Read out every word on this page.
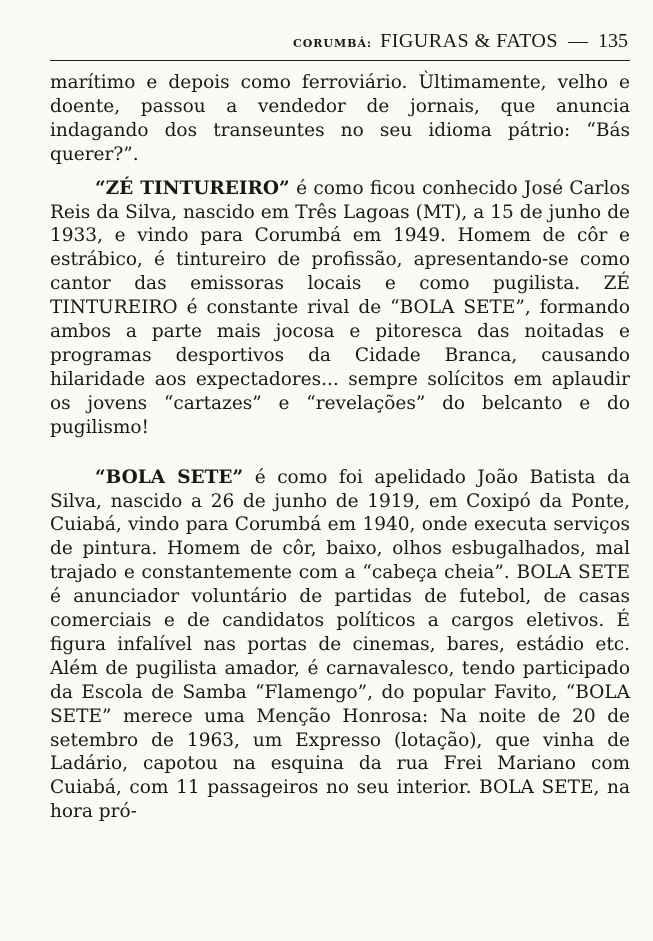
CORUMBÁ: FIGURAS & FATOS — 135

marítimo e depois como ferroviário. Ùltimamente, velho e doente, passou a vendedor de jornais, que anuncia indagando dos transeuntes no seu idioma pátrio: “Bás querer?”.

“ZÉ TINTUREIRO” é como ficou conhecido José Carlos Reis da Silva, nascido em Três Lagoas (MT), a 15 de junho de 1933, e vindo para Corumbá em 1949. Homem de côr e estrábico, é tintureiro de profissão, apresentando-se como cantor das emissoras locais e como pugilista. ZÉ TINTUREIRO é constante rival de “BOLA SETE”, formando ambos a parte mais jocosa e pitoresca das noitadas e programas desportivos da Cidade Branca, causando hilaridade aos expectadores... sempre solícitos em aplaudir os jovens “cartazes” e “revelações” do belcanto e do pugilismo!

“BOLA SETE” é como foi apelidado João Batista da Silva, nascido a 26 de junho de 1919, em Coxipó da Ponte, Cuiabá, vindo para Corumbá em 1940, onde executa serviços de pintura. Homem de côr, baixo, olhos esbugalhados, mal trajado e constantemente com a “cabeça cheia”. BOLA SETE é anunciador voluntário de partidas de futebol, de casas comerciais e de candidatos políticos a cargos eletivos. É figura infalível nas portas de cinemas, bares, estádio etc. Além de pugilista amador, é carnavalesco, tendo participado da Escola de Samba “Flamengo”, do popular Favito, “BOLA SETE” merece uma Menção Honrosa: Na noite de 20 de setembro de 1963, um Expresso (lotação), que vinha de Ladário, capotou na esquina da rua Frei Mariano com Cuiabá, com 11 passageiros no seu interior. BOLA SETE, na hora pró-
